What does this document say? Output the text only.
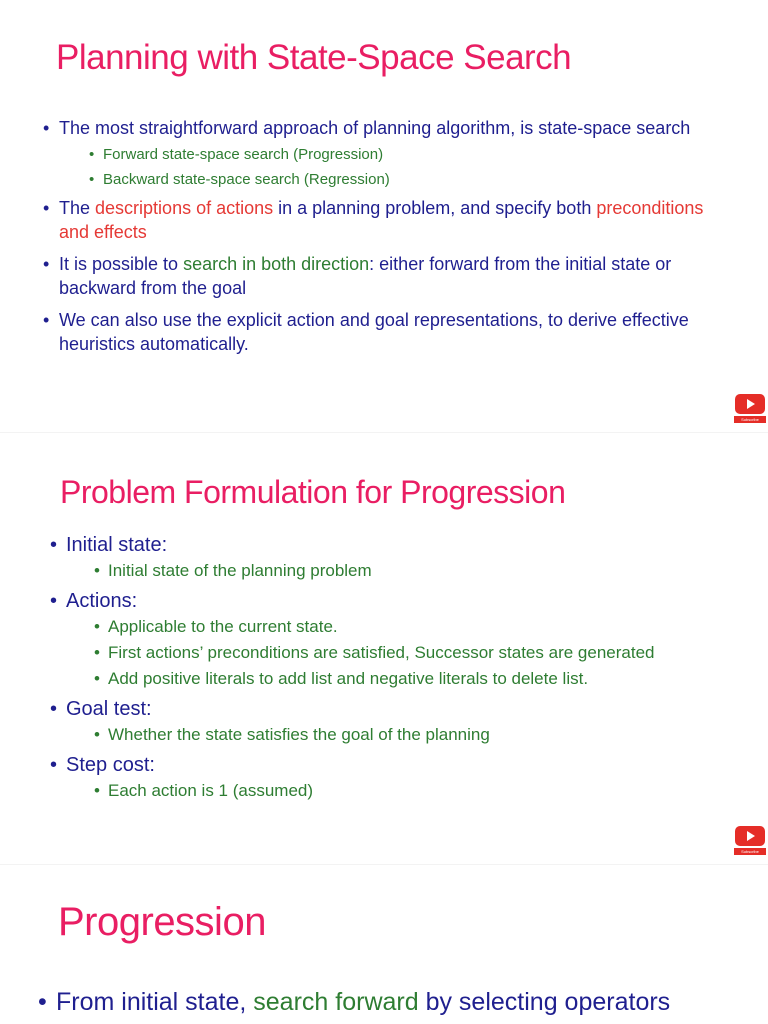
Planning with State-Space Search
• The most straightforward approach of planning algorithm, is state-space search
• Forward state-space search (Progression)
• Backward state-space search (Regression)
• The descriptions of actions in a planning problem, and specify both preconditions and effects
• It is possible to search in both direction: either forward from the initial state or backward from the goal
• We can also use the explicit action and goal representations, to derive effective heuristics automatically.
Subscribe
Problem Formulation for Progression
• Initial state:
• Initial state of the planning problem
• Actions:
• Applicable to the current state.
• First actions’ preconditions are satisfied, Successor states are generated
• Add positive literals to add list and negative literals to delete list.
• Goal test:
• Whether the state satisfies the goal of the planning
• Step cost:
• Each action is 1 (assumed)
Subscribe
Progression
• From initial state, search forward by selecting operators
